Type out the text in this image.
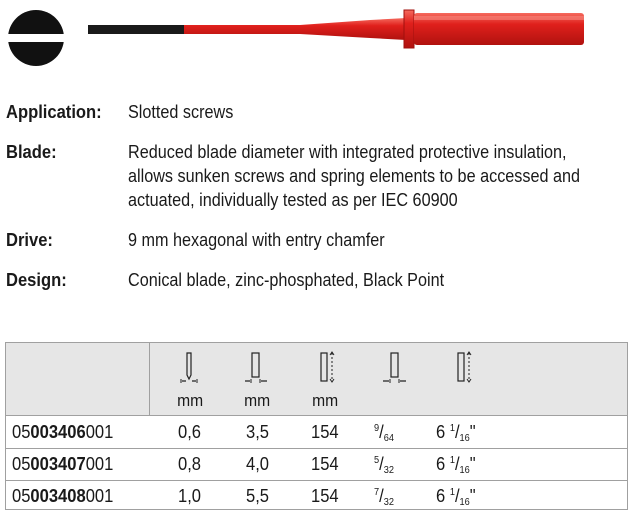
Application: Slotted screws
Blade:	Reduced blade diameter with integrated protective insulation,
allows sunken screws and spring elements to be accessed and
actuated, individually tested as per IEC 60900
Drive:	9 mm hexagonal with entry chamfer
Design:	Conical blade, zinc-phosphated, Black Point
mm mm mm
05003406001	0,6 3,5 154	$^9/_{64}$ 6 $^1/_{16}$"
05003407001	0,8 4,0 154	$^5/_{32}$ 6 $^1/_{16}$"
05003408001	1,0 5,5 154	$^7/_{32}$ 6 $^1/_{16}$"
